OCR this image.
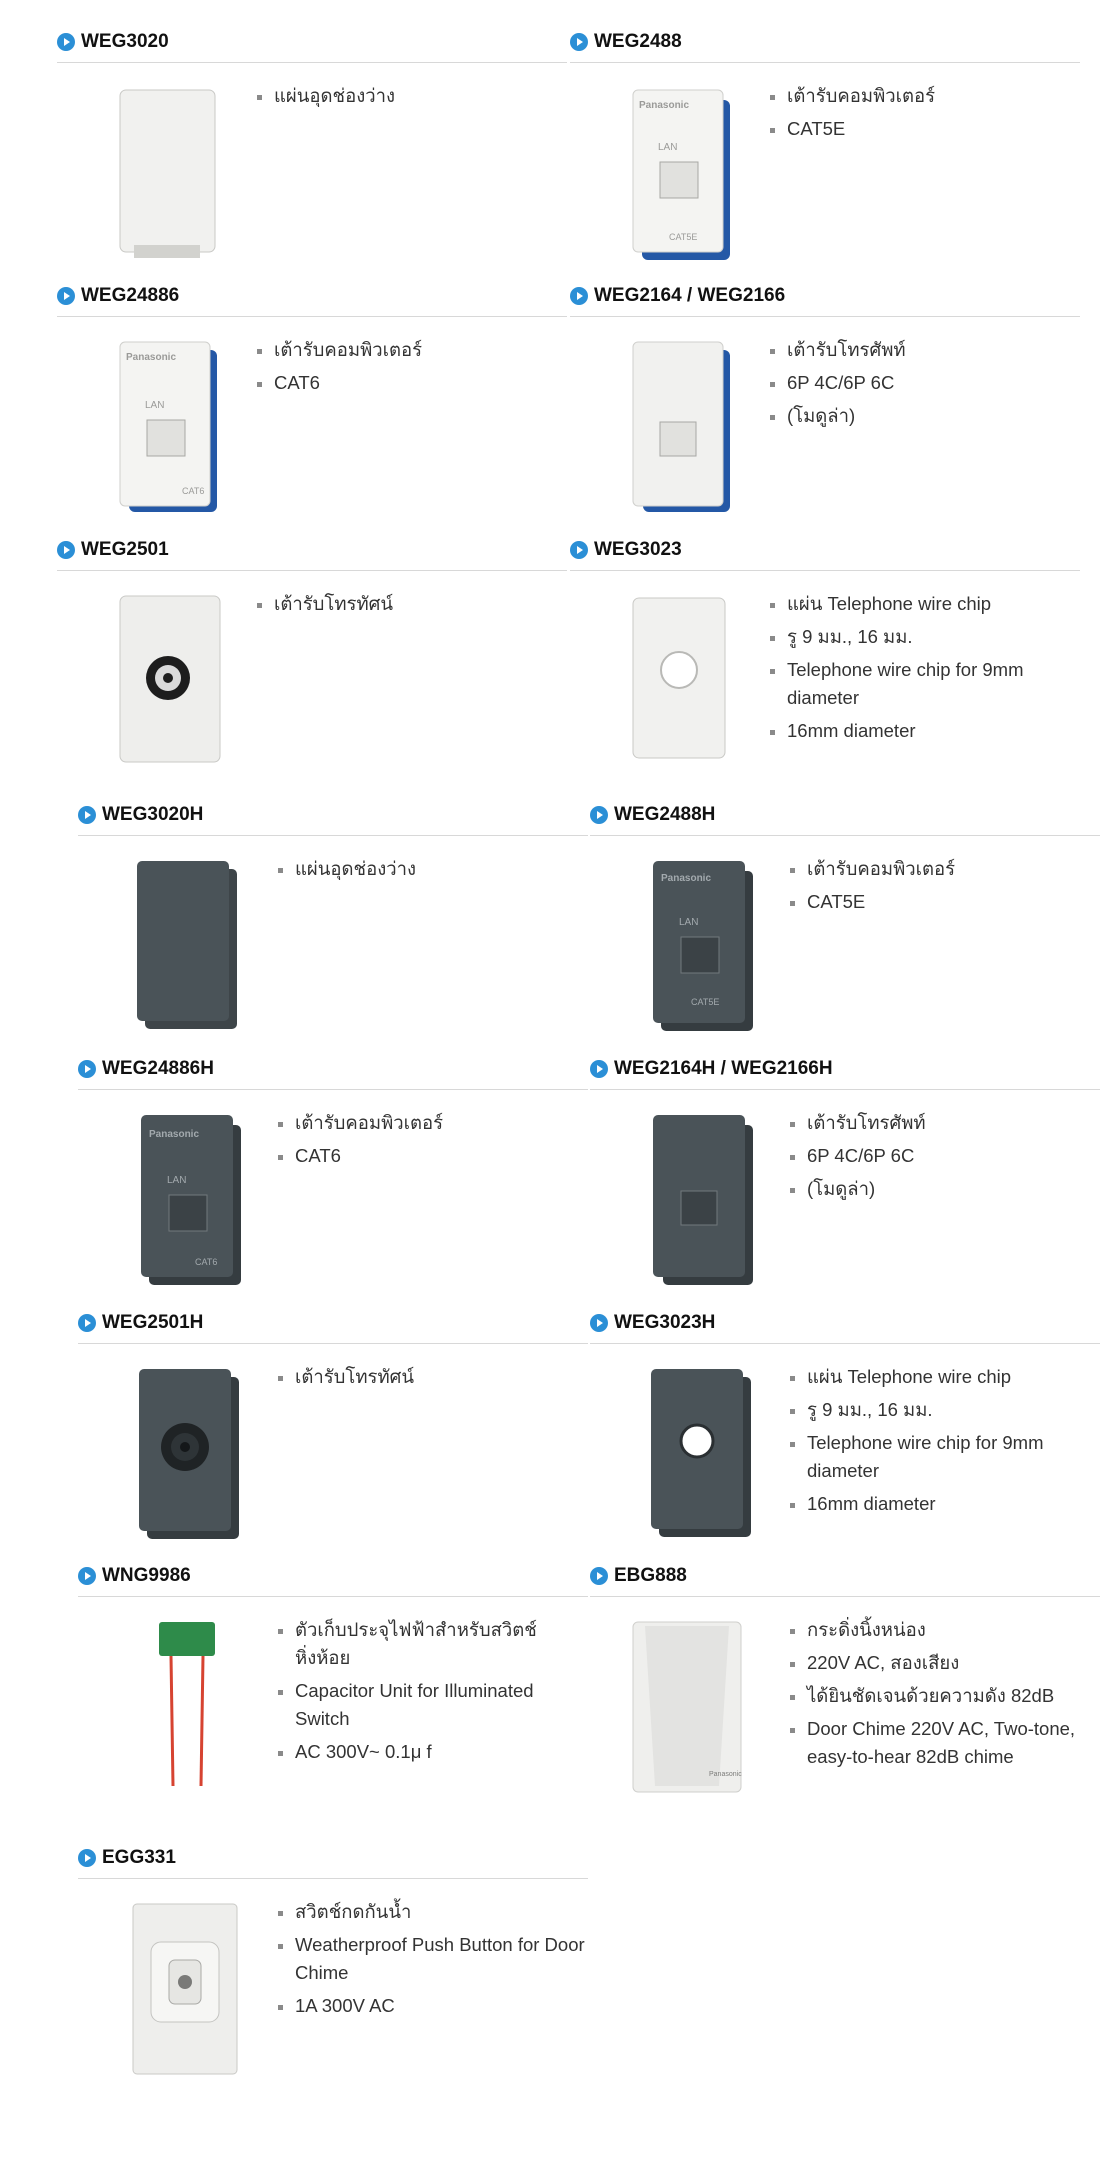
WEG3020
แผ่นอุดช่องว่าง
WEG2488
Panasonic
LAN
CAT5E
เต้ารับคอมพิวเตอร์
CAT5E
WEG24886
Panasonic
LAN
CAT6
เต้ารับคอมพิวเตอร์
CAT6
WEG2164 / WEG2166
เต้ารับโทรศัพท์
6P 4C/6P 6C
(โมดูล่า)
WEG2501
เต้ารับโทรทัศน์
WEG3023
แผ่น Telephone wire chip
รู 9 มม., 16 มม.
Telephone wire chip for 9mm diameter
16mm diameter
WEG3020H
แผ่นอุดช่องว่าง
WEG2488H
Panasonic
LAN
CAT5E
เต้ารับคอมพิวเตอร์
CAT5E
WEG24886H
Panasonic
LAN
CAT6
เต้ารับคอมพิวเตอร์
CAT6
WEG2164H / WEG2166H
เต้ารับโทรศัพท์
6P 4C/6P 6C
(โมดูล่า)
WEG2501H
เต้ารับโทรทัศน์
WEG3023H
แผ่น Telephone wire chip
รู 9 มม., 16 มม.
Telephone wire chip for 9mm diameter
16mm diameter
WNG9986
ตัวเก็บประจุไฟฟ้าสำหรับสวิตช์หิ่งห้อย
Capacitor Unit for Illuminated Switch
AC 300V~ 0.1μ f
EBG888
Panasonic
กระดิ่งนิ้งหน่อง
220V AC, สองเสียง
ได้ยินชัดเจนด้วยความดัง 82dB
Door Chime 220V AC, Two-tone, easy-to-hear 82dB chime
EGG331
สวิตช์กดกันน้ำ
Weatherproof Push Button for Door Chime
1A 300V AC
